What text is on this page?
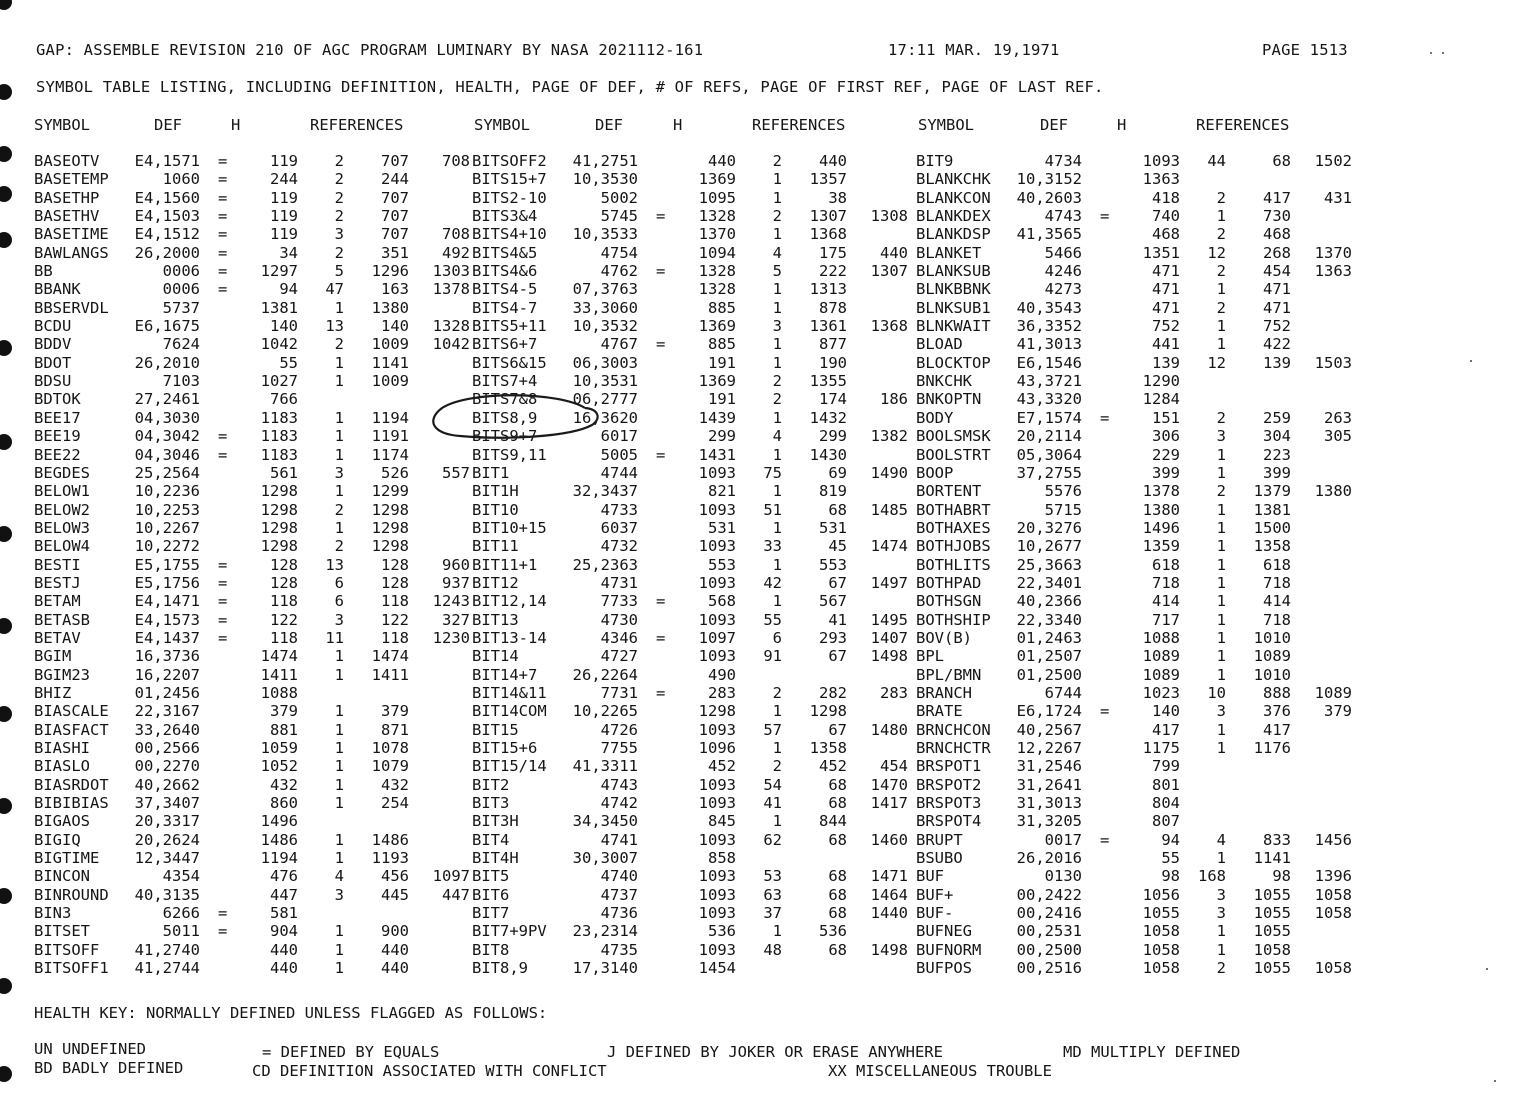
GAP: ASSEMBLE REVISION 210 OF AGC PROGRAM LUMINARY BY NASA 2021112-161	17:11 MAR. 19,1971	PAGE 1513
SYMBOL TABLE LISTING, INCLUDING DEFINITION, HEALTH, PAGE OF DEF, # OF REFS, PAGE OF FIRST REF, PAGE OF LAST REF.
SYMBOL	DEF	H	REFERENCES	SYMBOL	DEF	H	REFERENCES	SYMBOL	DEF	H	REFERENCES
BASEOTV	E4,1571 =	119	2	707	708 BITSOFF2	41,2751	440	2	440	BIT9	4734	1093	44	68	1502
BASETEMP	1060 =	244	2	244	BITS15+7	10,3530	1369	1	1357	BLANKCHK	10,3152	1363
BASETHP	E4,1560 =	119	2	707	BITS2-10	5002	1095	1	38	BLANKCON	40,2603	418	2	417	431
BASETHV	E4,1503 =	119	2	707	BITS3&4	5745 =	1328	2	1307	1308 BLANKDEX	4743 =	740	1	730
BASETIME	E4,1512 =	119	3	707	708 BITS4+10	10,3533	1370	1	1368	BLANKDSP	41,3565	468	2	468
BAWLANGS	26,2000 =	34	2	351	492 BITS4&5	4754	1094	4	175	440 BLANKET	5466	1351	12	268	1370
BB	0006 =	1297	5	1296	1303 BITS4&6	4762 =	1328	5	222	1307 BLANKSUB	4246	471	2	454	1363
BBANK	0006 =	94	47	163	1378 BITS4-5	07,3763	1328	1	1313	BLNKBBNK	4273	471	1	471
BBSERVDL	5737	1381	1	1380	BITS4-7	33,3060	885	1	878	BLNKSUB1	40,3543	471	2	471
BCDU	E6,1675	140	13	140	1328 BITS5+11	10,3532	1369	3	1361	1368 BLNKWAIT	36,3352	752	1	752
BDDV	7624	1042	2	1009	1042 BITS6+7	4767 =	885	1	877	BLOAD	41,3013	441	1	422
BDOT	26,2010	55	1	1141	BITS6&15	06,3003	191	1	190	BLOCKTOP	E6,1546	139	12	139	1503
BDSU	7103	1027	1	1009	BITS7+4	10,3531	1369	2	1355	BNKCHK	43,3721	1290
BDTOK	27,2461	766	BITS7&8	06,2777	191	2	174	186 BNKOPTN	43,3320	1284
BEE17	04,3030	1183	1	1194	BITS8,9	16,3620	1439	1	1432	BODY	E7,1574 =	151	2	259	263
BEE19	04,3042 =	1183	1	1191	BITS9+7	6017	299	4	299	1382 BOOLSMSK	20,2114	306	3	304	305
BEE22	04,3046 =	1183	1	1174	BITS9,11	5005 =	1431	1	1430	BOOLSTRT	05,3064	229	1	223
BEGDES	25,2564	561	3	526	557 BIT1	4744	1093	75	69	1490 BOOP	37,2755	399	1	399
BELOW1	10,2236	1298	1	1299	BIT1H	32,3437	821	1	819	BORTENT	5576	1378	2	1379	1380
BELOW2	10,2253	1298	2	1298	BIT10	4733	1093	51	68	1485 BOTHABRT	5715	1380	1	1381
BELOW3	10,2267	1298	1	1298	BIT10+15	6037	531	1	531	BOTHAXES	20,3276	1496	1	1500
BELOW4	10,2272	1298	2	1298	BIT11	4732	1093	33	45	1474 BOTHJOBS	10,2677	1359	1	1358
BESTI	E5,1755 =	128	13	128	960 BIT11+1	25,2363	553	1	553	BOTHLITS	25,3663	618	1	618
BESTJ	E5,1756 =	128	6	128	937 BIT12	4731	1093	42	67	1497 BOTHPAD	22,3401	718	1	718
BETAM	E4,1471 =	118	6	118	1243 BIT12,14	7733 =	568	1	567	BOTHSGN	40,2366	414	1	414
BETASB	E4,1573 =	122	3	122	327 BIT13	4730	1093	55	41	1495 BOTHSHIP	22,3340	717	1	718
BETAV	E4,1437 =	118	11	118	1230 BIT13-14	4346 =	1097	6	293	1407 BOV(B)	01,2463	1088	1	1010
BGIM	16,3736	1474	1	1474	BIT14	4727	1093	91	67	1498 BPL	01,2507	1089	1	1089
BGIM23	16,2207	1411	1	1411	BIT14+7	26,2264	490	BPL/BMN	01,2500	1089	1	1010
BHIZ	01,2456	1088	BIT14&11	7731 =	283	2	282	283 BRANCH	6744	1023	10	888	1089
BIASCALE	22,3167	379	1	379	BIT14COM	10,2265	1298	1	1298	BRATE	E6,1724 =	140	3	376	379
BIASFACT	33,2640	881	1	871	BIT15	4726	1093	57	67	1480 BRNCHCON	40,2567	417	1	417
BIASHI	00,2566	1059	1	1078	BIT15+6	7755	1096	1	1358	BRNCHCTR	12,2267	1175	1	1176
BIASLO	00,2270	1052	1	1079	BIT15/14	41,3311	452	2	452	454 BRSPOT1	31,2546	799
BIASRDOT	40,2662	432	1	432	BIT2	4743	1093	54	68	1470 BRSPOT2	31,2641	801
BIBIBIAS	37,3407	860	1	254	BIT3	4742	1093	41	68	1417 BRSPOT3	31,3013	804
BIGAOS	20,3317	1496	BIT3H	34,3450	845	1	844	BRSPOT4	31,3205	807
BIGIQ	20,2624	1486	1	1486	BIT4	4741	1093	62	68	1460 BRUPT	0017 =	94	4	833	1456
BIGTIME	12,3447	1194	1	1193	BIT4H	30,3007	858	BSUBO	26,2016	55	1	1141
BINCON	4354	476	4	456	1097 BIT5	4740	1093	53	68	1471 BUF	0130	98	168	98	1396
BINROUND	40,3135	447	3	445	447 BIT6	4737	1093	63	68	1464 BUF+	00,2422	1056	3	1055	1058
BIN3	6266 =	581	BIT7	4736	1093	37	68	1440 BUF-	00,2416	1055	3	1055	1058
BITSET	5011 =	904	1	900	BIT7+9PV	23,2314	536	1	536	BUFNEG	00,2531	1058	1	1055
BITSOFF	41,2740	440	1	440	BIT8	4735	1093	48	68	1498 BUFNORM	00,2500	1058	1	1058
BITSOFF1	41,2744	440	1	440	BIT8,9	17,3140	1454	BUFPOS	00,2516	1058	2	1055	1058
HEALTH KEY: NORMALLY DEFINED UNLESS FLAGGED AS FOLLOWS:
UN UNDEFINED	= DEFINED BY EQUALS	J DEFINED BY JOKER OR ERASE ANYWHERE	MD MULTIPLY DEFINED
BD BADLY DEFINED	CD DEFINITION ASSOCIATED WITH CONFLICT	XX MISCELLANEOUS TROUBLE
